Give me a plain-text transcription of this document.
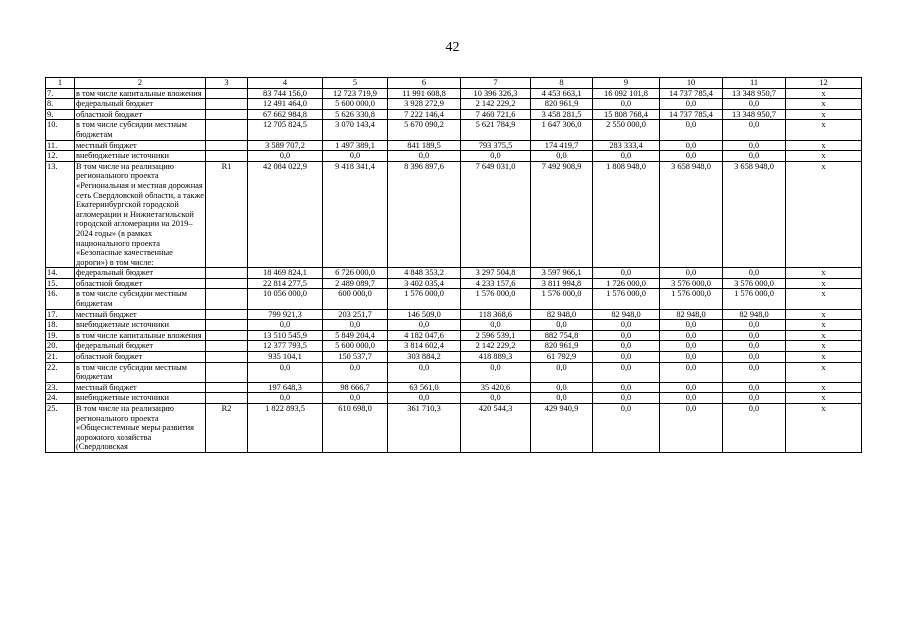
42
1	2	3	4	5	6	7	8	9	10	11	12
7.	в том числе капитальные вложения		83 744 156,0	12 723 719,9	11 991 608,8	10 396 326,3	4 453 663,1	16 092 101,8	14 737 785,4	13 348 950,7	x
8.	федеральный бюджет		12 491 464,0	5 600 000,0	3 928 272,9	2 142 229,2	820 961,9	0,0	0,0	0,0	x
9.	областной бюджет		67 662 984,8	5 626 330,8	7 222 146,4	7 460 721,6	3 458 281,5	15 808 768,4	14 737 785,4	13 348 950,7	x
10.	в том числе субсидии местным бюджетам		12 705 824,5	3 070 143,4	5 670 090,2	5 621 784,9	1 647 306,0	2 550 000,0	0,0	0,0	x
11.	местный бюджет		3 589 707,2	1 497 389,1	841 189,5	793 375,5	174 419,7	283 333,4	0,0	0,0	x
12.	внебюджетные источники		0,0	0,0	0,0	0,0	0,0	0,0	0,0	0,0	x
13.	В том числе на реализацию регионального проекта «Региональная и местная дорожная сеть Свердловской области, а также Екатеринбургской городской агломерации и Нижнетагильской городской агломерации на 2019–2024 годы» (в рамках национального проекта «Безопасные качественные дороги») в том числе:	R1	42 084 022,9	9 418 341,4	8 396 897,6	7 649 031,0	7 492 908,9	1 808 948,0	3 658 948,0	3 658 948,0	x
14.	федеральный бюджет		18 469 824,1	6 726 000,0	4 848 353,2	3 297 504,8	3 597 966,1	0,0	0,0	0,0	x
15.	областной бюджет		22 814 277,5	2 489 089,7	3 402 035,4	4 233 157,6	3 811 994,8	1 726 000,0	3 576 000,0	3 576 000,0	x
16.	в том числе субсидии местным бюджетам		10 056 000,0	600 000,0	1 576 000,0	1 576 000,0	1 576 000,0	1 576 000,0	1 576 000,0	1 576 000,0	x
17.	местный бюджет		799 921,3	203 251,7	146 509,0	118 368,6	82 948,0	82 948,0	82 948,0	82 948,0	x
18.	внебюджетные источники		0,0	0,0	0,0	0,0	0,0	0,0	0,0	0,0	x
19.	в том числе капитальные вложения		13 510 545,9	5 849 204,4	4 182 047,6	2 596 539,1	882 754,8	0,0	0,0	0,0	x
20.	федеральный бюджет		12 377 793,5	5 600 000,0	3 814 602,4	2 142 229,2	820 961,9	0,0	0,0	0,0	x
21.	областной бюджет		935 104,1	150 537,7	303 884,2	418 889,3	61 792,9	0,0	0,0	0,0	x
22.	в том числе субсидии местным бюджетам		0,0	0,0	0,0	0,0	0,0	0,0	0,0	0,0	x
23.	местный бюджет		197 648,3	98 666,7	63 561,0	35 420,6	0,0	0,0	0,0	0,0	x
24.	внебюджетные источники		0,0	0,0	0,0	0,0	0,0	0,0	0,0	0,0	x
25.	В том числе на реализацию регионального проекта «Общесистемные меры развития дорожного хозяйства (Свердловская	R2	1 822 893,5	610 698,0	361 710,3	420 544,3	429 940,9	0,0	0,0	0,0	x
